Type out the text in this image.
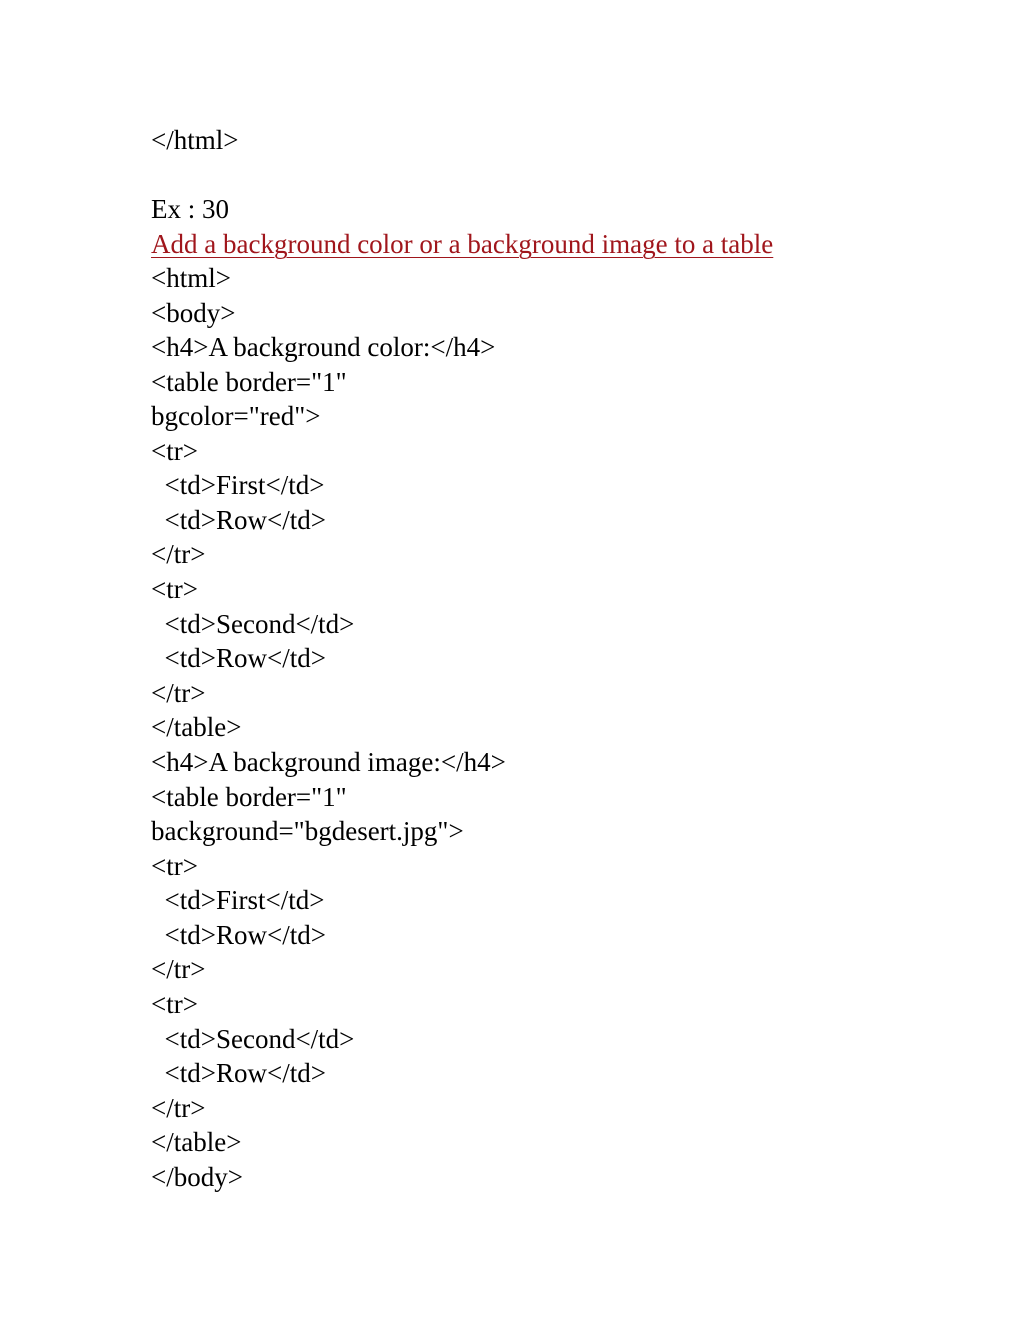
</html>
Ex : 30
Add a background color or a background image to a table
<html>
<body>
<h4>A background color:</h4>
<table border="1"
bgcolor="red">
<tr>
<td>First</td>
<td>Row</td>
</tr>
<tr>
<td>Second</td>
<td>Row</td>
</tr>
</table>
<h4>A background image:</h4>
<table border="1"
background="bgdesert.jpg">
<tr>
<td>First</td>
<td>Row</td>
</tr>
<tr>
<td>Second</td>
<td>Row</td>
</tr>
</table>
</body>
